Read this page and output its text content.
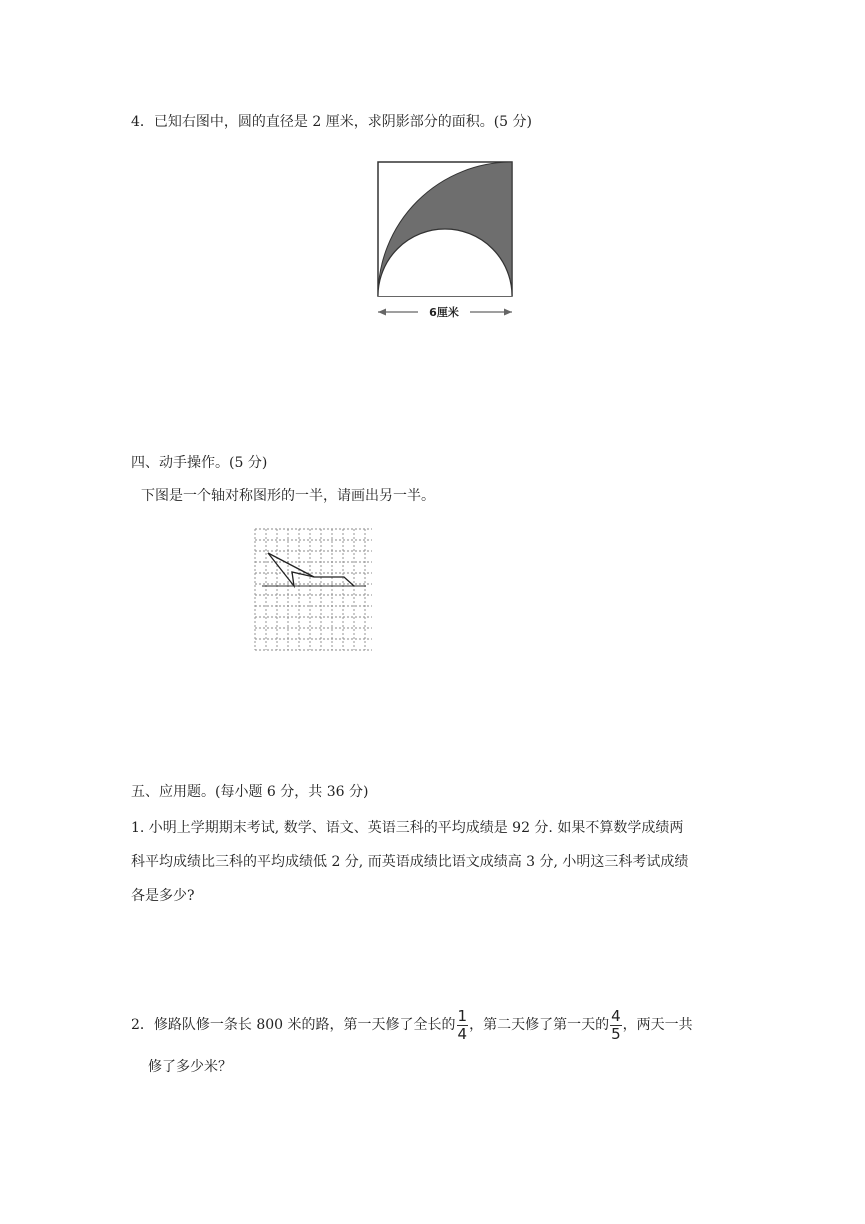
4．已知右图中，圆的直径是 2 厘米，求阴影部分的面积。(5 分)
6厘米
四、动手操作。(5 分)
下图是一个轴对称图形的一半，请画出另一半。
五、应用题。(每小题 6 分，共 36 分)
1. 小明上学期期末考试, 数学、语文、英语三科的平均成绩是 92 分. 如果不算数学成绩两
科平均成绩比三科的平均成绩低 2 分, 而英语成绩比语文成绩高 3 分, 小明这三科考试成绩
各是多少?
2．修路队修一条长 800 米的路，第一天修了全长的 $\frac{1}{4}$ ，第二天修了第一天的 $\frac{4}{5}$ ，两天一共
修了多少米？
